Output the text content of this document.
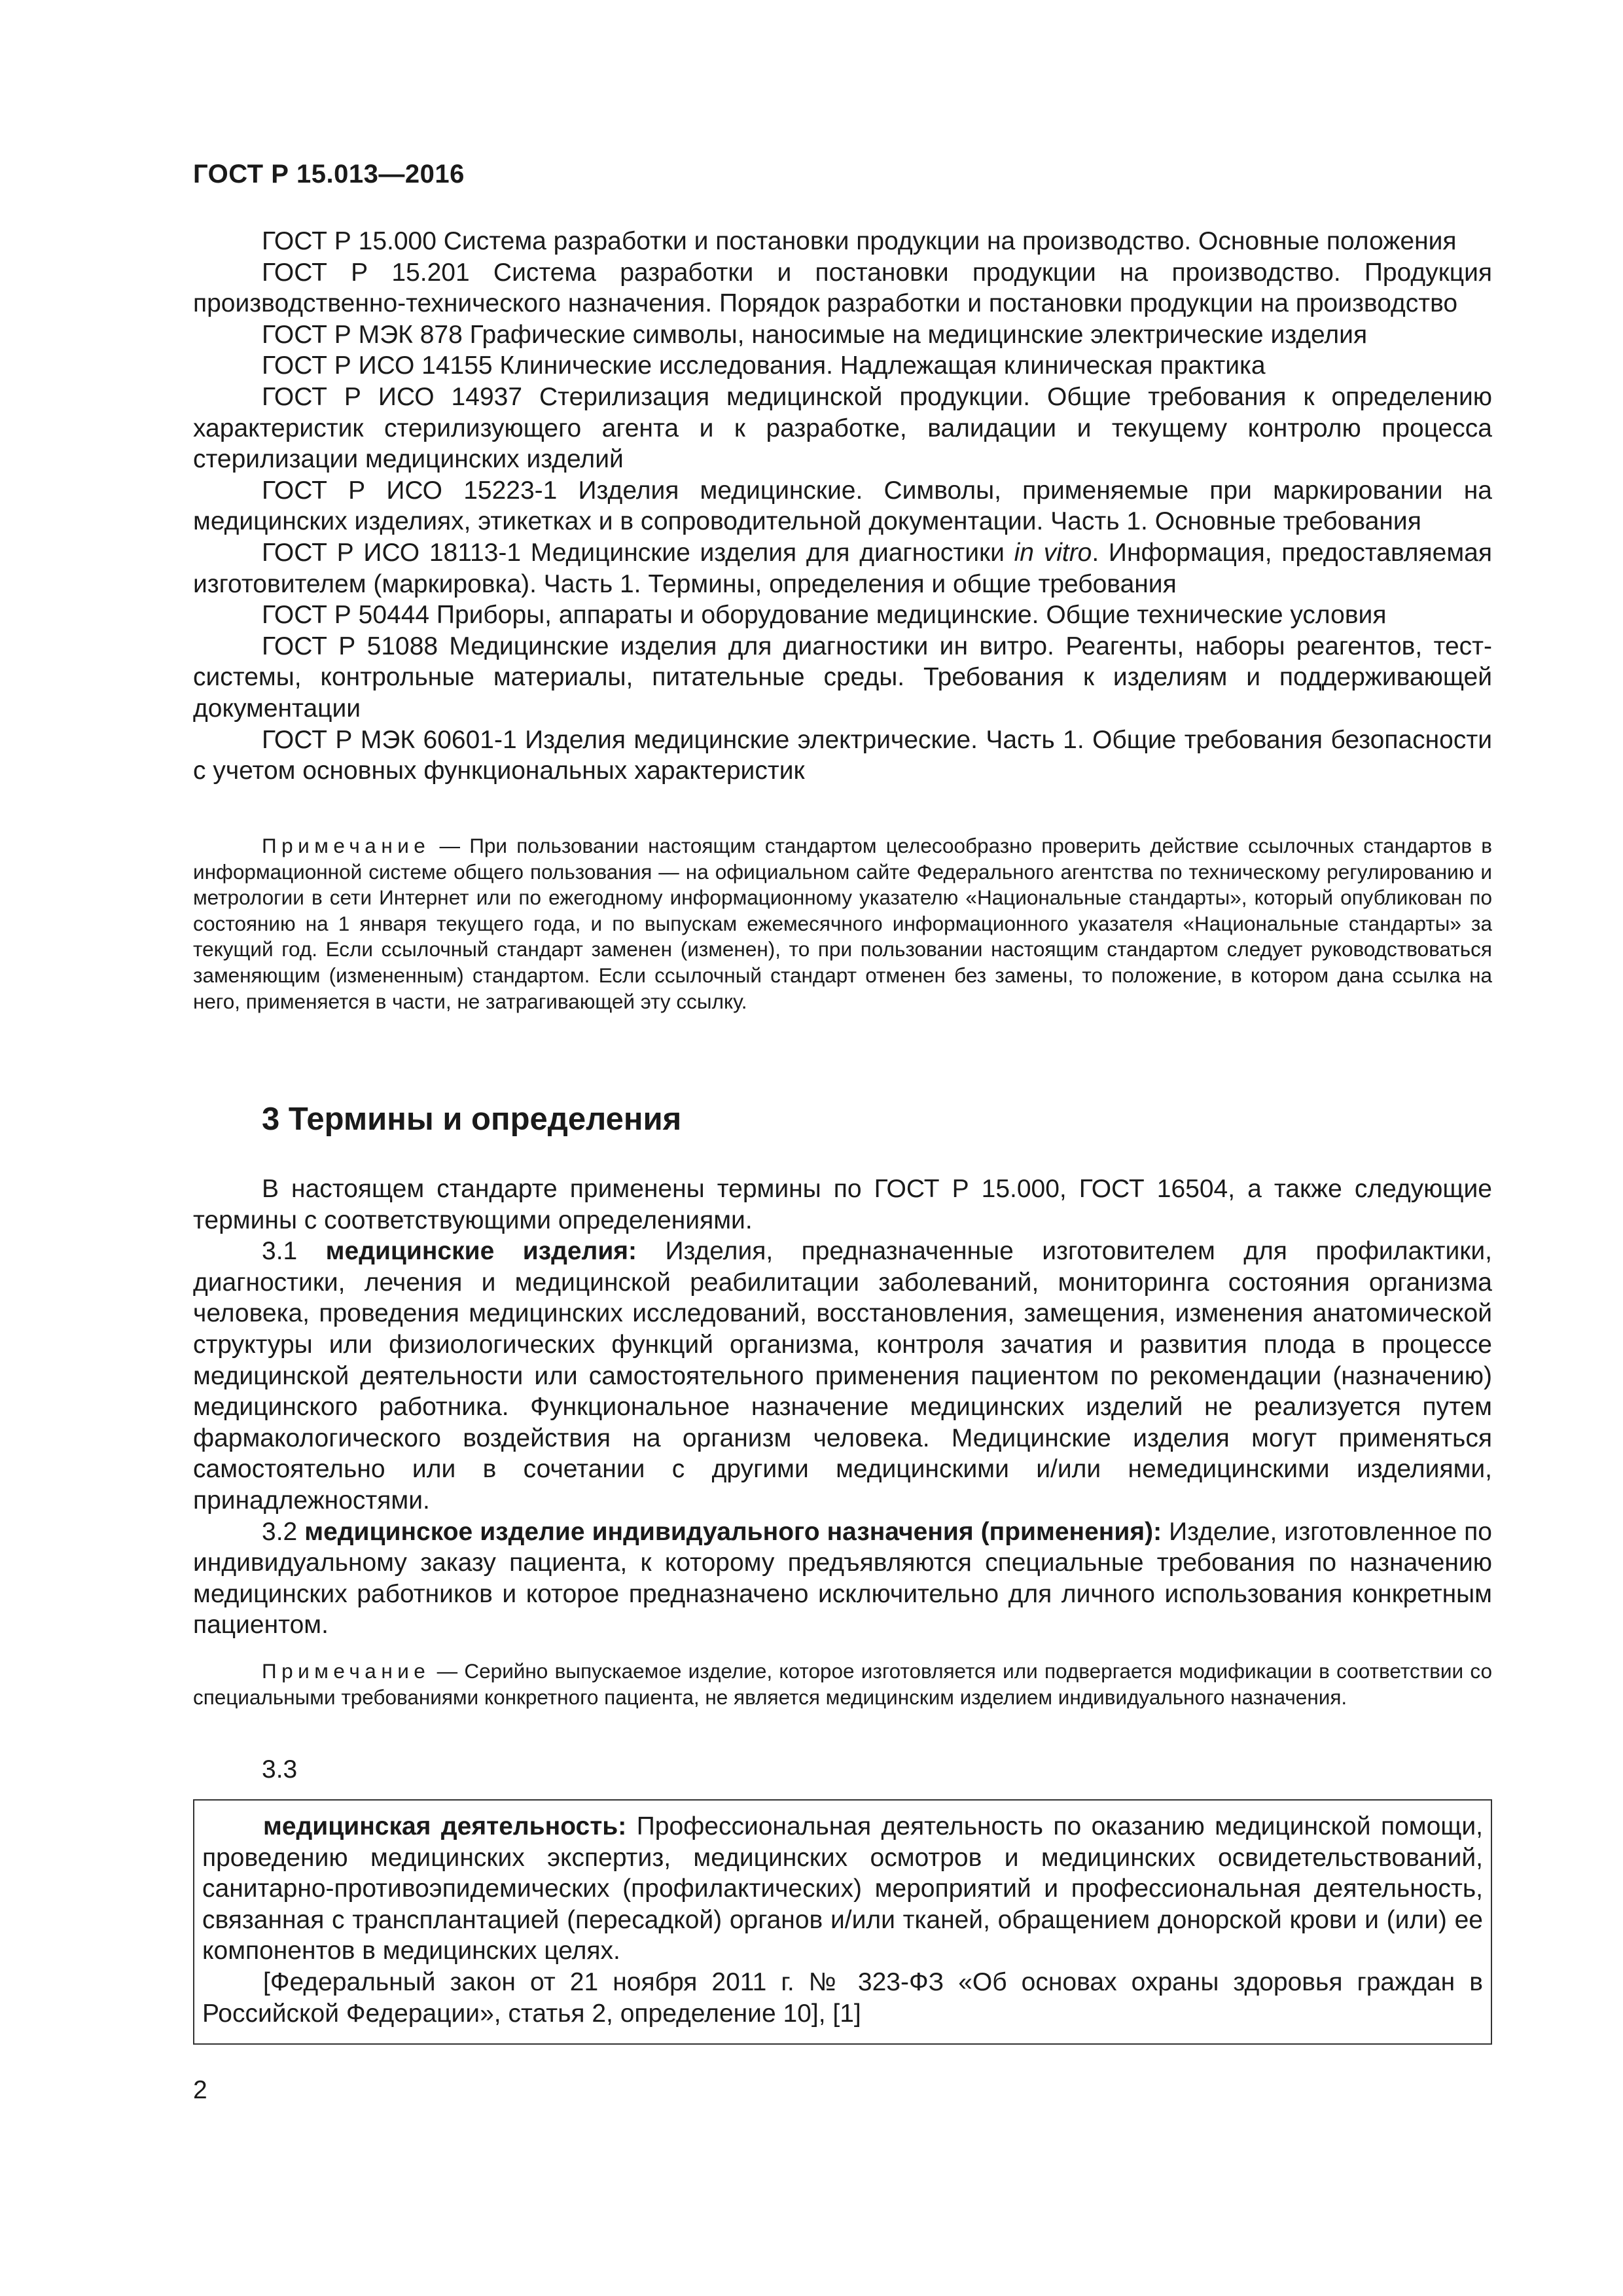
ГОСТ Р 15.013—2016

ГОСТ Р 15.000 Система разработки и постановки продукции на производство. Основные положения

ГОСТ Р 15.201 Система разработки и постановки продукции на производство. Продукция производственно-технического назначения. Порядок разработки и постановки продукции на производство

ГОСТ Р МЭК 878 Графические символы, наносимые на медицинские электрические изделия

ГОСТ Р ИСО 14155 Клинические исследования. Надлежащая клиническая практика

ГОСТ Р ИСО 14937 Стерилизация медицинской продукции. Общие требования к определению характеристик стерилизующего агента и к разработке, валидации и текущему контролю процесса стерилизации медицинских изделий

ГОСТ Р ИСО 15223-1 Изделия медицинские. Символы, применяемые при маркировании на медицинских изделиях, этикетках и в сопроводительной документации. Часть 1. Основные требования

ГОСТ Р ИСО 18113-1 Медицинские изделия для диагностики in vitro. Информация, предоставляемая изготовителем (маркировка). Часть 1. Термины, определения и общие требования

ГОСТ Р 50444 Приборы, аппараты и оборудование медицинские. Общие технические условия

ГОСТ Р 51088 Медицинские изделия для диагностики ин витро. Реагенты, наборы реагентов, тест-системы, контрольные материалы, питательные среды. Требования к изделиям и поддерживающей документации

ГОСТ Р МЭК 60601-1 Изделия медицинские электрические. Часть 1. Общие требования безопасности с учетом основных функциональных характеристик

Примечание — При пользовании настоящим стандартом целесообразно проверить действие ссылочных стандартов в информационной системе общего пользования — на официальном сайте Федерального агентства по техническому регулированию и метрологии в сети Интернет или по ежегодному информационному указателю «Национальные стандарты», который опубликован по состоянию на 1 января текущего года, и по выпускам ежемесячного информационного указателя «Национальные стандарты» за текущий год. Если ссылочный стандарт заменен (изменен), то при пользовании настоящим стандартом следует руководствоваться заменяющим (измененным) стандартом. Если ссылочный стандарт отменен без замены, то положение, в котором дана ссылка на него, применяется в части, не затрагивающей эту ссылку.

3 Термины и определения

В настоящем стандарте применены термины по ГОСТ Р 15.000, ГОСТ 16504, а также следующие термины с соответствующими определениями.

3.1 медицинские изделия: Изделия, предназначенные изготовителем для профилактики, диагностики, лечения и медицинской реабилитации заболеваний, мониторинга состояния организма человека, проведения медицинских исследований, восстановления, замещения, изменения анатомической структуры или физиологических функций организма, контроля зачатия и развития плода в процессе медицинской деятельности или самостоятельного применения пациентом по рекомендации (назначению) медицинского работника. Функциональное назначение медицинских изделий не реализуется путем фармакологического воздействия на организм человека. Медицинские изделия могут применяться самостоятельно или в сочетании с другими медицинскими и/или немедицинскими изделиями, принадлежностями.

3.2 медицинское изделие индивидуального назначения (применения): Изделие, изготовленное по индивидуальному заказу пациента, к которому предъявляются специальные требования по назначению медицинских работников и которое предназначено исключительно для личного использования конкретным пациентом.

Примечание — Серийно выпускаемое изделие, которое изготовляется или подвергается модификации в соответствии со специальными требованиями конкретного пациента, не является медицинским изделием индивидуального назначения.

3.3

медицинская деятельность: Профессиональная деятельность по оказанию медицинской помощи, проведению медицинских экспертиз, медицинских осмотров и медицинских освидетельствований, санитарно-противоэпидемических (профилактических) мероприятий и профессиональная деятельность, связанная с трансплантацией (пересадкой) органов и/или тканей, обращением донорской крови и (или) ее компонентов в медицинских целях.

[Федеральный закон от 21 ноября 2011 г. № 323-ФЗ «Об основах охраны здоровья граждан в Российской Федерации», статья 2, определение 10], [1]

2
